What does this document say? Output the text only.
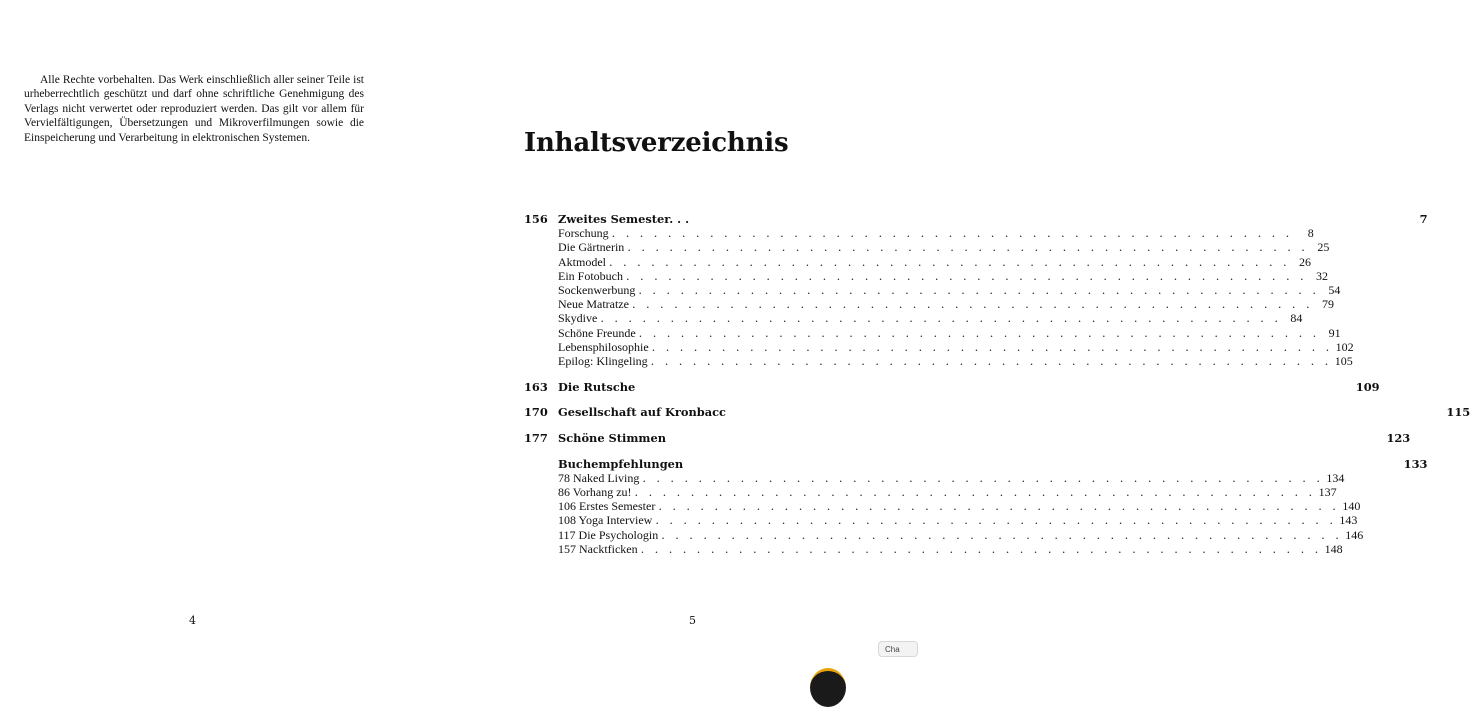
Alle Rechte vorbehalten. Das Werk einschließlich aller seiner Teile ist urheberrechtlich geschützt und darf ohne schriftliche Genehmigung des Verlags nicht verwertet oder reproduziert werden. Das gilt vor allem für Vervielfältigungen, Übersetzungen und Mikroverfilmungen sowie die Einspeicherung und Verarbeitung in elektronischen Systemen.

4
Inhaltsverzeichnis
156 Zweites Semester. . .	7
Forschung . . . . . . . . . . . . . . . . . . . . . . . . . . . . . . . . . . . . . . . . . . . . . . . . .	8
Die Gärtnerin . . . . . . . . . . . . . . . . . . . . . . . . . . . . . . . . . . . . . . . . . . . . . . . . . 25
Aktmodel . . . . . . . . . . . . . . . . . . . . . . . . . . . . . . . . . . . . . . . . . . . . . . . . . 26
Ein Fotobuch . . . . . . . . . . . . . . . . . . . . . . . . . . . . . . . . . . . . . . . . . . . . . . . . . 32
Sockenwerbung . . . . . . . . . . . . . . . . . . . . . . . . . . . . . . . . . . . . . . . . . . . . . . . . . 54
Neue Matratze . . . . . . . . . . . . . . . . . . . . . . . . . . . . . . . . . . . . . . . . . . . . . . . . . 79
Skydive . . . . . . . . . . . . . . . . . . . . . . . . . . . . . . . . . . . . . . . . . . . . . . . . . 84
Schöne Freunde . . . . . . . . . . . . . . . . . . . . . . . . . . . . . . . . . . . . . . . . . . . . . . . . . 91
Lebensphilosophie . . . . . . . . . . . . . . . . . . . . . . . . . . . . . . . . . . . . . . . . . . . . . . . . . 102
Epilog: Klingeling . . . . . . . . . . . . . . . . . . . . . . . . . . . . . . . . . . . . . . . . . . . . . . . . . 105
163 Die Rutsche	109
170 Gesellschaft auf Kronbacc	115
177 Schöne Stimmen	123
Buchempfehlungen	133
78 Naked Living . . . . . . . . . . . . . . . . . . . . . . . . . . . . . . . . . . . . . . . . . . . . . . . . . 134
86 Vorhang zu! . . . . . . . . . . . . . . . . . . . . . . . . . . . . . . . . . . . . . . . . . . . . . . . . . 137
106 Erstes Semester . . . . . . . . . . . . . . . . . . . . . . . . . . . . . . . . . . . . . . . . . . . . . . . . . 140
108 Yoga Interview . . . . . . . . . . . . . . . . . . . . . . . . . . . . . . . . . . . . . . . . . . . . . . . . . 143
117 Die Psychologin . . . . . . . . . . . . . . . . . . . . . . . . . . . . . . . . . . . . . . . . . . . . . . . . . 146
157 Nacktficken . . . . . . . . . . . . . . . . . . . . . . . . . . . . . . . . . . . . . . . . . . . . . . . . . 148
5
Cha
